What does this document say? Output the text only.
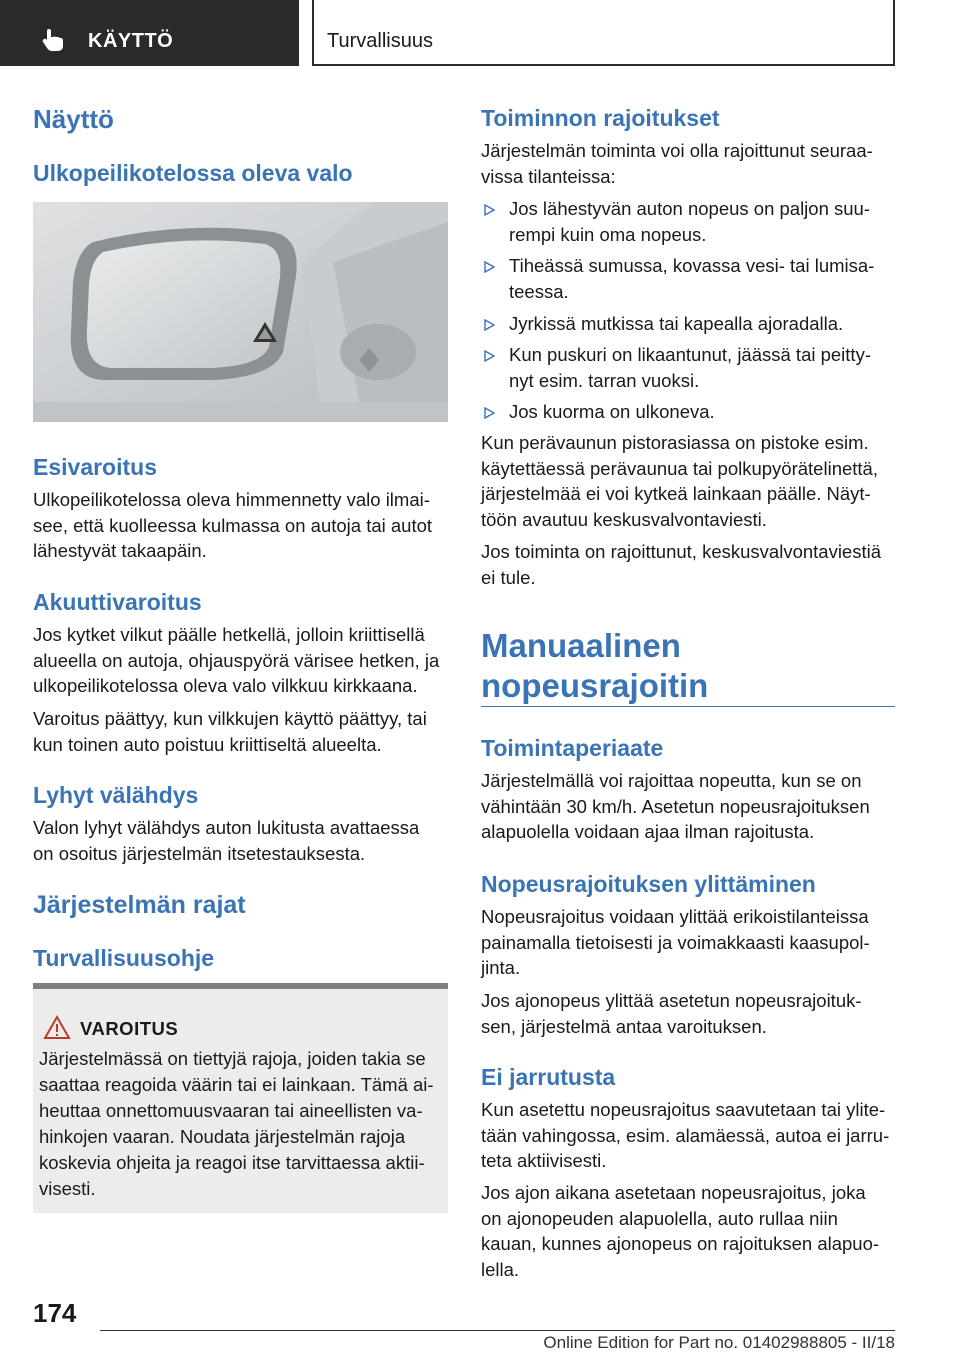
KÄYTTÖ	Turvallisuus
Näyttö
Ulkopeilikotelossa oleva valo
Esivaroitus
Ulkopeilikotelossa oleva himmennetty valo ilmai‐
see, että kuolleessa kulmassa on autoja tai autot
lähestyvät takaapäin.
Akuuttivaroitus
Jos kytket vilkut päälle hetkellä, jolloin kriittisellä
alueella on autoja, ohjauspyörä värisee hetken, ja
ulkopeilikotelossa oleva valo vilkkuu kirkkaana.
Varoitus päättyy, kun vilkkujen käyttö päättyy, tai
kun toinen auto poistuu kriittiseltä alueelta.
Lyhyt välähdys
Valon lyhyt välähdys auton lukitusta avattaessa
on osoitus järjestelmän itsetestauksesta.
Järjestelmän rajat
Turvallisuusohje
VAROITUS
Järjestelmässä on tiettyjä rajoja, joiden takia se
saattaa reagoida väärin tai ei lainkaan. Tämä ai‐
heuttaa onnettomuusvaaran tai aineellisten va‐
hinkojen vaaran. Noudata järjestelmän rajoja
koskevia ohjeita ja reagoi itse tarvittaessa aktii‐
visesti.
Toiminnon rajoitukset
Järjestelmän toiminta voi olla rajoittunut seuraa‐
vissa tilanteissa:
Jos lähestyvän auton nopeus on paljon suu‐
rempi kuin oma nopeus.
Tiheässä sumussa, kovassa vesi- tai lumisa‐
teessa.
Jyrkissä mutkissa tai kapealla ajoradalla.
Kun puskuri on likaantunut, jäässä tai peitty‐
nyt esim. tarran vuoksi.
Jos kuorma on ulkoneva.
Kun perävaunun pistorasiassa on pistoke esim.
käytettäessä perävaunua tai polkupyörätelinettä,
järjestelmää ei voi kytkeä lainkaan päälle. Näyt‐
töön avautuu keskusvalvontaviesti.
Jos toiminta on rajoittunut, keskusvalvontaviestiä
ei tule.
Manuaalinen
nopeusrajoitin
Toimintaperiaate
Järjestelmällä voi rajoittaa nopeutta, kun se on
vähintään 30 km/h. Asetetun nopeusrajoituksen
alapuolella voidaan ajaa ilman rajoitusta.
Nopeusrajoituksen ylittäminen
Nopeusrajoitus voidaan ylittää erikoistilanteissa
painamalla tietoisesti ja voimakkaasti kaasupol‐
jinta.
Jos ajonopeus ylittää asetetun nopeusrajoituk‐
sen, järjestelmä antaa varoituksen.
Ei jarrutusta
Kun asetettu nopeusrajoitus saavutetaan tai ylite‐
tään vahingossa, esim. alamäessä, autoa ei jarru‐
teta aktiivisesti.
Jos ajon aikana asetetaan nopeusrajoitus, joka
on ajonopeuden alapuolella, auto rullaa niin
kauan, kunnes ajonopeus on rajoituksen alapuo‐
lella.
174
Online Edition for Part no. 01402988805 - II/18
